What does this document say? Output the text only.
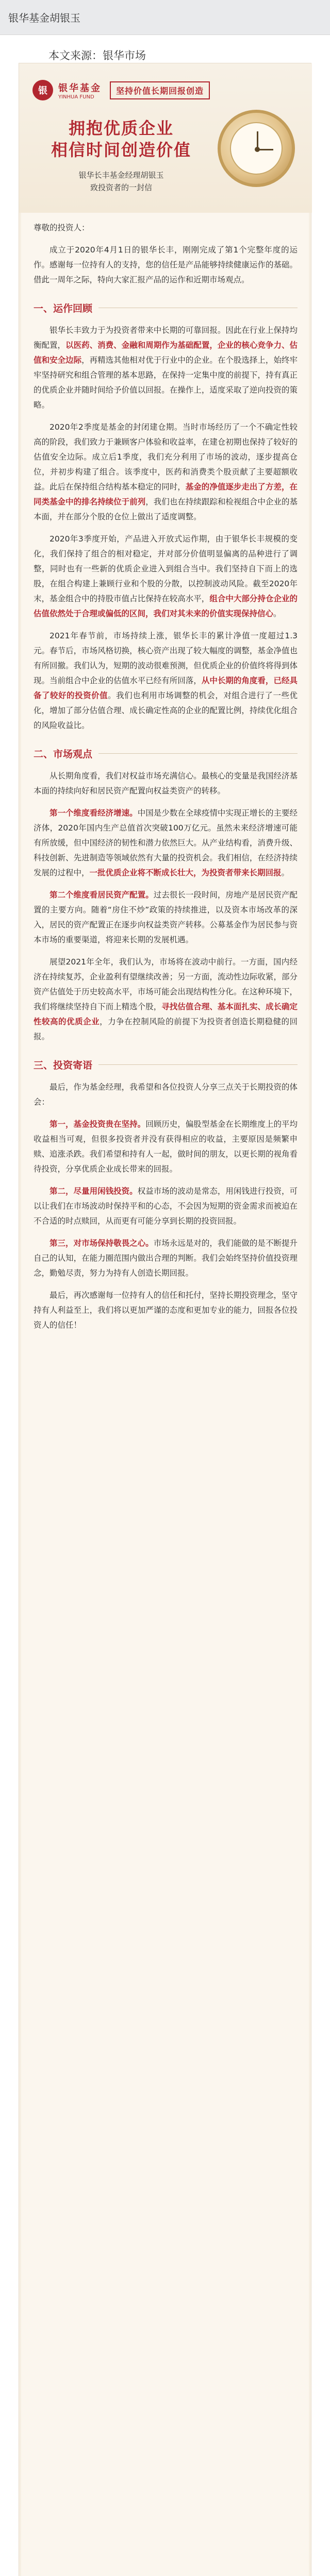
银华基金胡银玉
本文来源：银华市场
银	银华基金
YINHUA FUND
坚持价值长期回报创造
拥抱优质企业
相信时间创造价值
银华长丰基金经理胡银玉
致投资者的一封信

尊敬的投资人：

成立于2020年4月1日的银华长丰，刚刚完成了第1个完整年度的运作。感谢每一位持有人的支持，您的信任是产品能够持续健康运作的基础。借此一周年之际，特向大家汇报产品的运作和近期市场观点。

一、运作回顾

银华长丰致力于为投资者带来中长期的可靠回报。因此在行业上保持均衡配置，以医药、消费、金融和周期作为基础配置，企业的核心竞争力、估值和安全边际，再精选其他相对优于行业中的企业。在个股选择上，始终牢牢坚持研究和组合管理的基本思路，在保持一定集中度的前提下，持有真正的优质企业并随时间给予价值以回报。在操作上，适度采取了逆向投资的策略。

2020年2季度是基金的封闭建仓期。当时市场经历了一个不确定性较高的阶段，我们致力于兼顾客户体验和收益率，在建仓初期也保持了较好的估值安全边际。成立后1季度，我们充分利用了市场的波动，逐步提高仓位，并初步构建了组合。该季度中，医药和消费类个股贡献了主要超额收益。此后在保持组合结构基本稳定的同时，基金的净值逐步走出了方差，在同类基金中的排名持续位于前列，我们也在持续跟踪和检视组合中企业的基本面，并在部分个股的仓位上做出了适度调整。

2020年3季度开始，产品进入开放式运作期，由于银华长丰规模的变化，我们保持了组合的相对稳定，并对部分价值明显偏离的品种进行了调整，同时也有一些新的优质企业进入到组合当中。我们坚持自下而上的选股，在组合构建上兼顾行业和个股的分散，以控制波动风险。截至2020年末，基金组合中的持股市值占比保持在较高水平，组合中大部分持仓企业的估值依然处于合理或偏低的区间，我们对其未来的价值实现保持信心。

2021年春节前，市场持续上涨，银华长丰的累计净值一度超过1.3元。春节后，市场风格切换，核心资产出现了较大幅度的调整，基金净值也有所回撤。我们认为，短期的波动很难预测，但优质企业的价值终将得到体现。当前组合中企业的估值水平已经有所回落，从中长期的角度看，已经具备了较好的投资价值。我们也利用市场调整的机会，对组合进行了一些优化，增加了部分估值合理、成长确定性高的企业的配置比例，持续优化组合的风险收益比。

二、市场观点

从长期角度看，我们对权益市场充满信心。最核心的变量是我国经济基本面的持续向好和居民资产配置向权益类资产的转移。

第一个维度看经济增速。中国是少数在全球疫情中实现正增长的主要经济体，2020年国内生产总值首次突破100万亿元。虽然未来经济增速可能有所放缓，但中国经济的韧性和潜力依然巨大。从产业结构看，消费升级、科技创新、先进制造等领域依然有大量的投资机会。我们相信，在经济持续发展的过程中，一批优质企业将不断成长壮大，为投资者带来长期回报。

第二个维度看居民资产配置。过去很长一段时间，房地产是居民资产配置的主要方向。随着“房住不炒”政策的持续推进，以及资本市场改革的深入，居民的资产配置正在逐步向权益类资产转移。公募基金作为居民参与资本市场的重要渠道，将迎来长期的发展机遇。

展望2021年全年，我们认为，市场将在波动中前行。一方面，国内经济在持续复苏，企业盈利有望继续改善；另一方面，流动性边际收紧，部分资产估值处于历史较高水平，市场可能会出现结构性分化。在这种环境下，我们将继续坚持自下而上精选个股，寻找估值合理、基本面扎实、成长确定性较高的优质企业，力争在控制风险的前提下为投资者创造长期稳健的回报。

三、投资寄语

最后，作为基金经理，我希望和各位投资人分享三点关于长期投资的体会：

第一，基金投资贵在坚持。回顾历史，偏股型基金在长期维度上的平均收益相当可观，但很多投资者并没有获得相应的收益，主要原因是频繁申赎、追涨杀跌。我们希望和持有人一起，做时间的朋友，以更长期的视角看待投资，分享优质企业成长带来的回报。

第二，尽量用闲钱投资。权益市场的波动是常态，用闲钱进行投资，可以让我们在市场波动时保持平和的心态，不会因为短期的资金需求而被迫在不合适的时点赎回，从而更有可能分享到长期的投资回报。

第三，对市场保持敬畏之心。市场永远是对的，我们能做的是不断提升自己的认知，在能力圈范围内做出合理的判断。我们会始终坚持价值投资理念，勤勉尽责，努力为持有人创造长期回报。

最后，再次感谢每一位持有人的信任和托付，坚持长期投资理念，坚守持有人利益至上，我们将以更加严谨的态度和更加专业的能力，回报各位投资人的信任！
